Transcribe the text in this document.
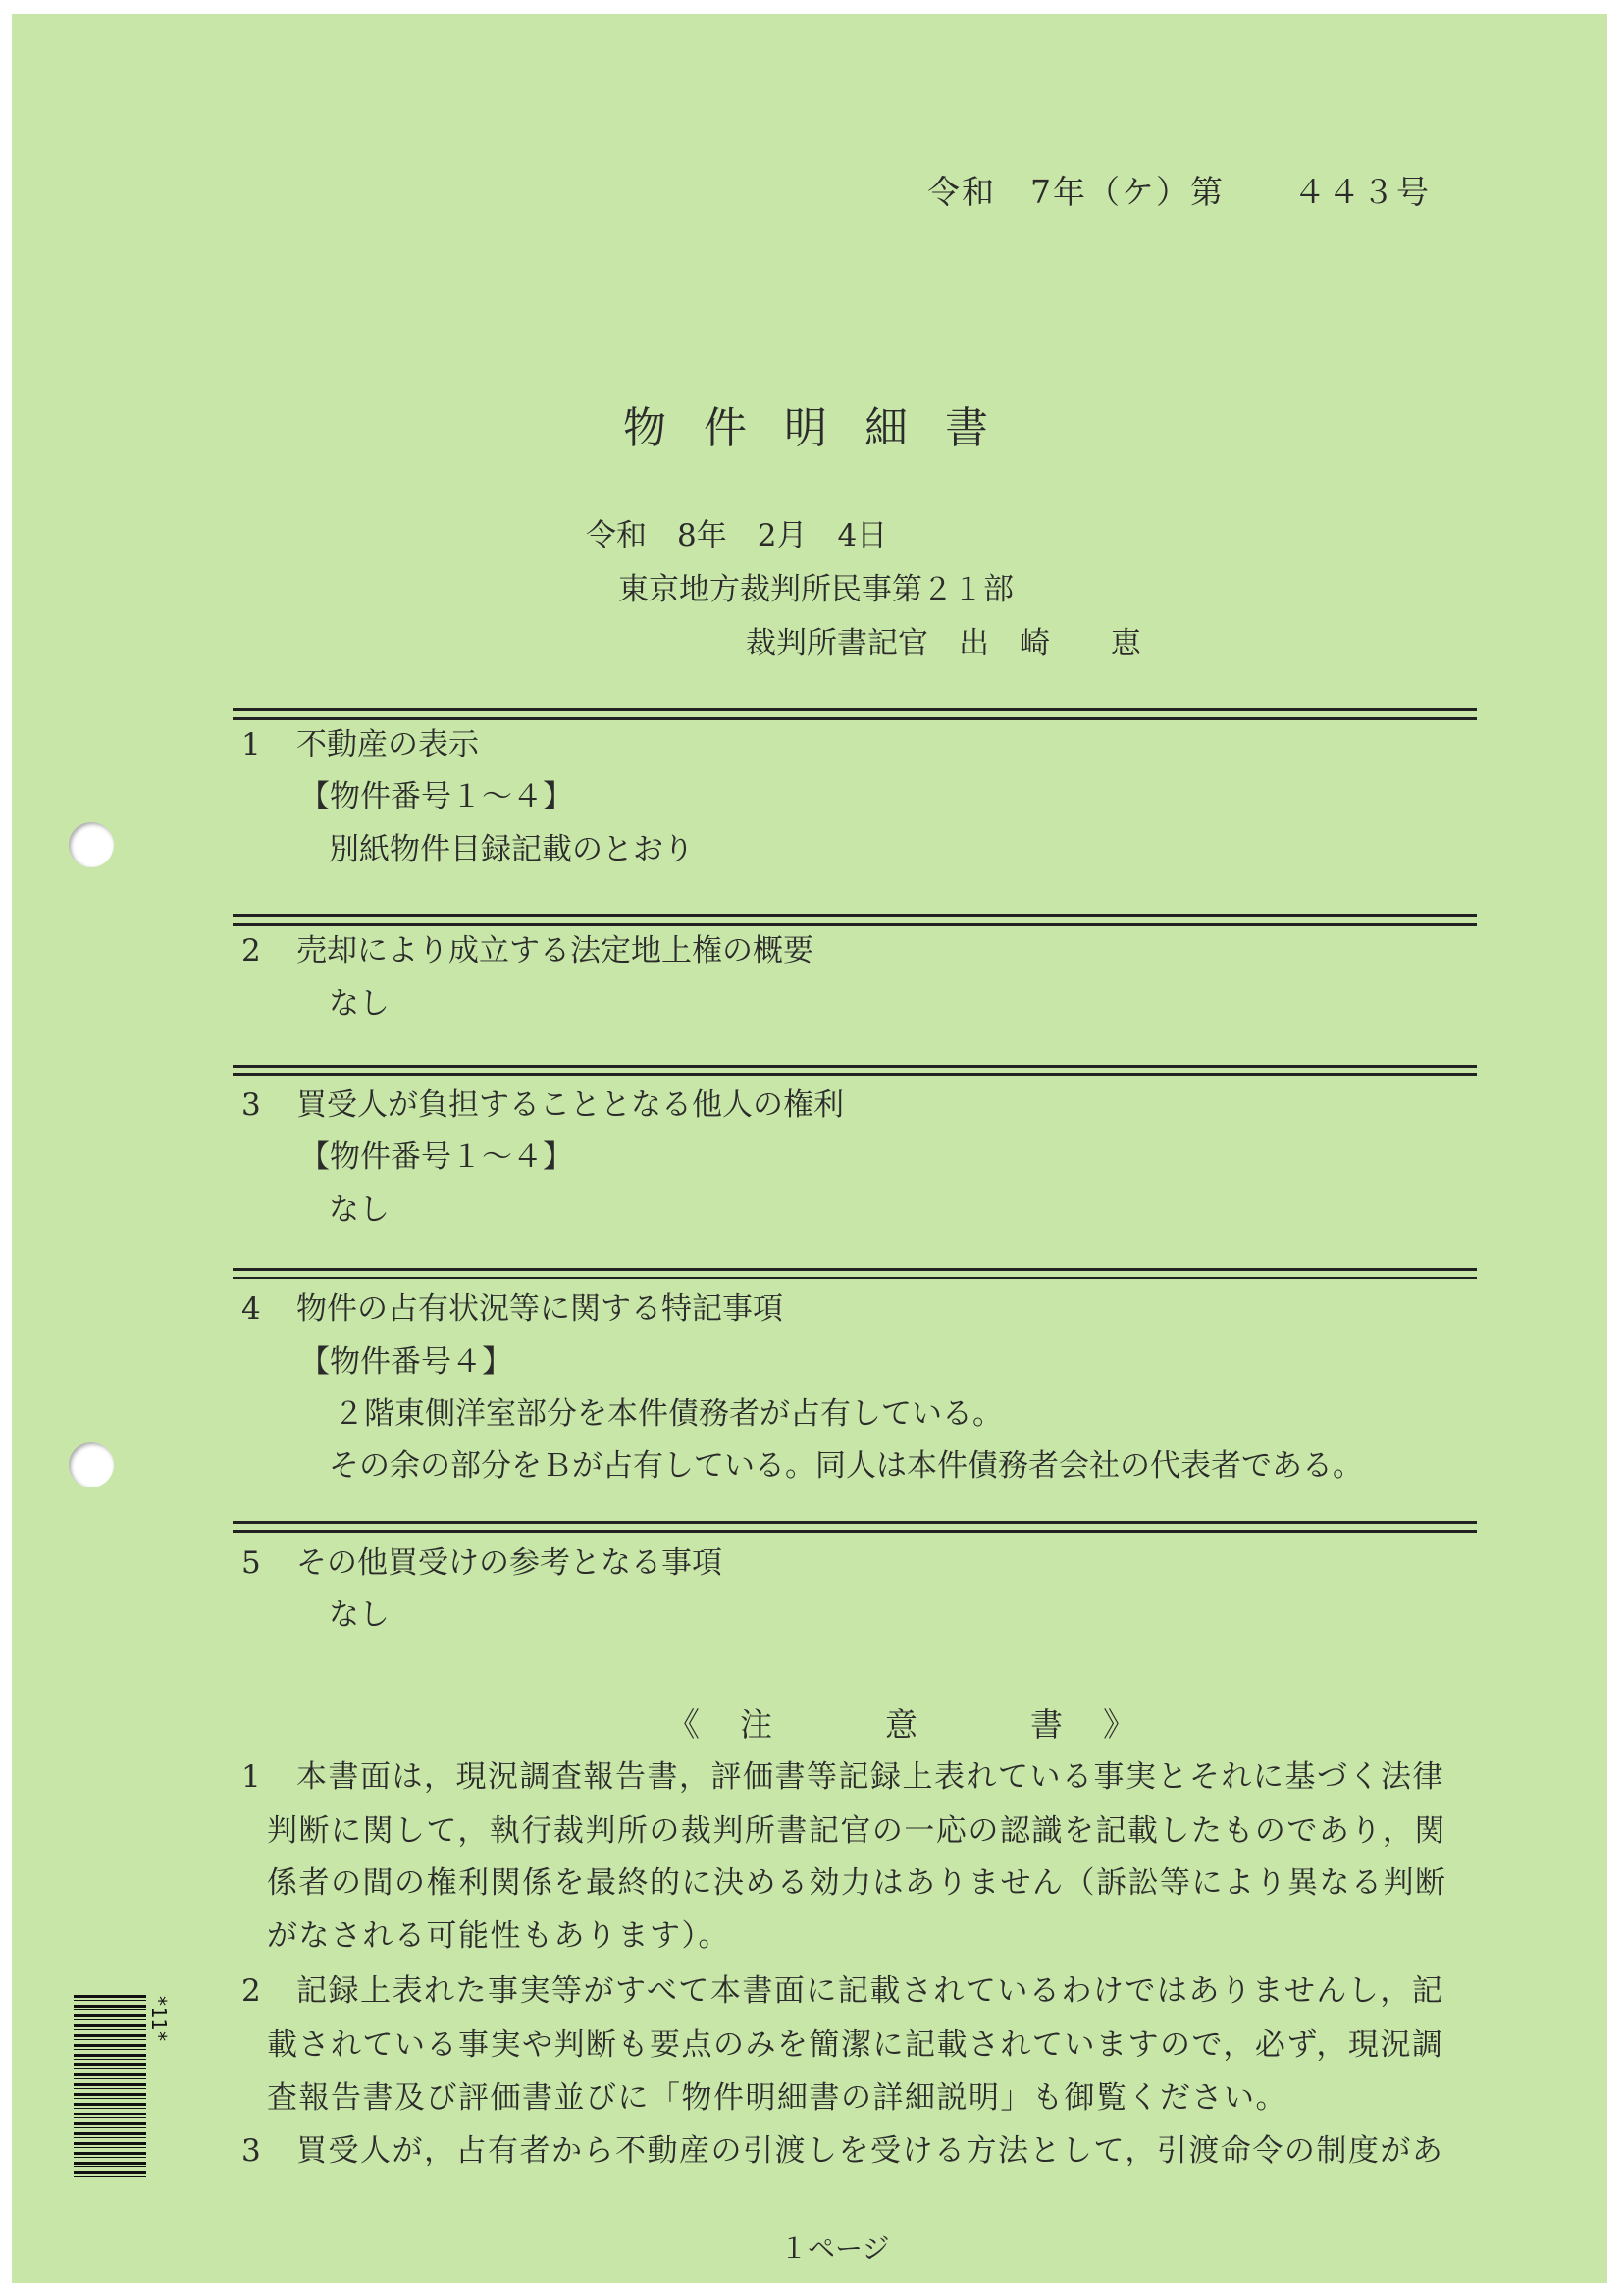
令和　7年（ケ）第　　４４３号
物件明細書
令和　8年　2月　4日
東京地方裁判所民事第２１部
裁判所書記官　出　崎　　恵
1 不動産の表示
【物件番号１～４】
別紙物件目録記載のとおり
2 売却により成立する法定地上権の概要
なし
3 買受人が負担することとなる他人の権利
【物件番号１～４】
なし
4 物件の占有状況等に関する特記事項
【物件番号４】
２階東側洋室部分を本件債務者が占有している。
その余の部分をＢが占有している。同人は本件債務者会社の代表者である。
5 その他買受けの参考となる事項
なし
《　注　　　意　　　書　》
1 本書面は，現況調査報告書，評価書等記録上表れている事実とそれに基づく法律
判断に関して，執行裁判所の裁判所書記官の一応の認識を記載したものであり，関
係者の間の権利関係を最終的に決める効力はありません（訴訟等により異なる判断
がなされる可能性もあります）。
2 記録上表れた事実等がすべて本書面に記載されているわけではありませんし，記
載されている事実や判断も要点のみを簡潔に記載されていますので，必ず，現況調
査報告書及び評価書並びに「物件明細書の詳細説明」も御覧ください。
3 買受人が，占有者から不動産の引渡しを受ける方法として，引渡命令の制度があ
*11*
１ページ
